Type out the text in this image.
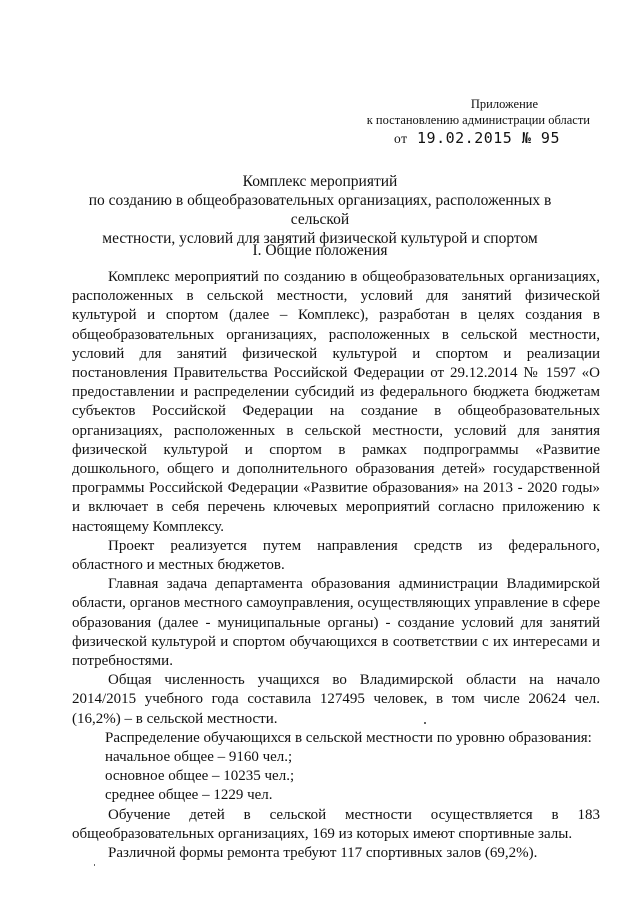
Приложение
к постановлению администрации области
от 19.02.2015 № 95
Комплекс мероприятий
по созданию в общеобразовательных организациях, расположенных в сельской
местности, условий для занятий физической культурой и спортом
I. Общие положения

Комплекс мероприятий по созданию в общеобразовательных организациях, расположенных в сельской местности, условий для занятий физической культурой и спортом (далее – Комплекс), разработан в целях создания в общеобразовательных организациях, расположенных в сельской местности, условий для занятий физической культурой и спортом и реализации постановления Правительства Российской Федерации от 29.12.2014 № 1597 «О предоставлении и распределении субсидий из федерального бюджета бюджетам субъектов Российской Федерации на создание в общеобразовательных организациях, расположенных в сельской местности, условий для занятия физической культурой и спортом в рамках подпрограммы «Развитие дошкольного, общего и дополнительного образования детей» государственной программы Российской Федерации «Развитие образования» на 2013 - 2020 годы» и включает в себя перечень ключевых мероприятий согласно приложению к настоящему Комплексу.

Проект реализуется путем направления средств из федерального, областного и местных бюджетов.

Главная задача департамента образования администрации Владимирской области, органов местного самоуправления, осуществляющих управление в сфере образования (далее - муниципальные органы) - создание условий для занятий физической культурой и спортом обучающихся в соответствии с их интересами и потребностями.

Общая численность учащихся во Владимирской области на начало 2014/2015 учебного года составила 127495 человек, в том числе 20624 чел. (16,2%) – в сельской местности.

Распределение обучающихся в сельской местности по уровню образования:

начальное общее – 9160 чел.;

основное общее – 10235 чел.;

среднее общее – 1229 чел.

Обучение детей в сельской местности осуществляется в 183 общеобразовательных организациях, 169 из которых имеют спортивные залы.

Различной формы ремонта требуют 117 спортивных залов (69,2%).
